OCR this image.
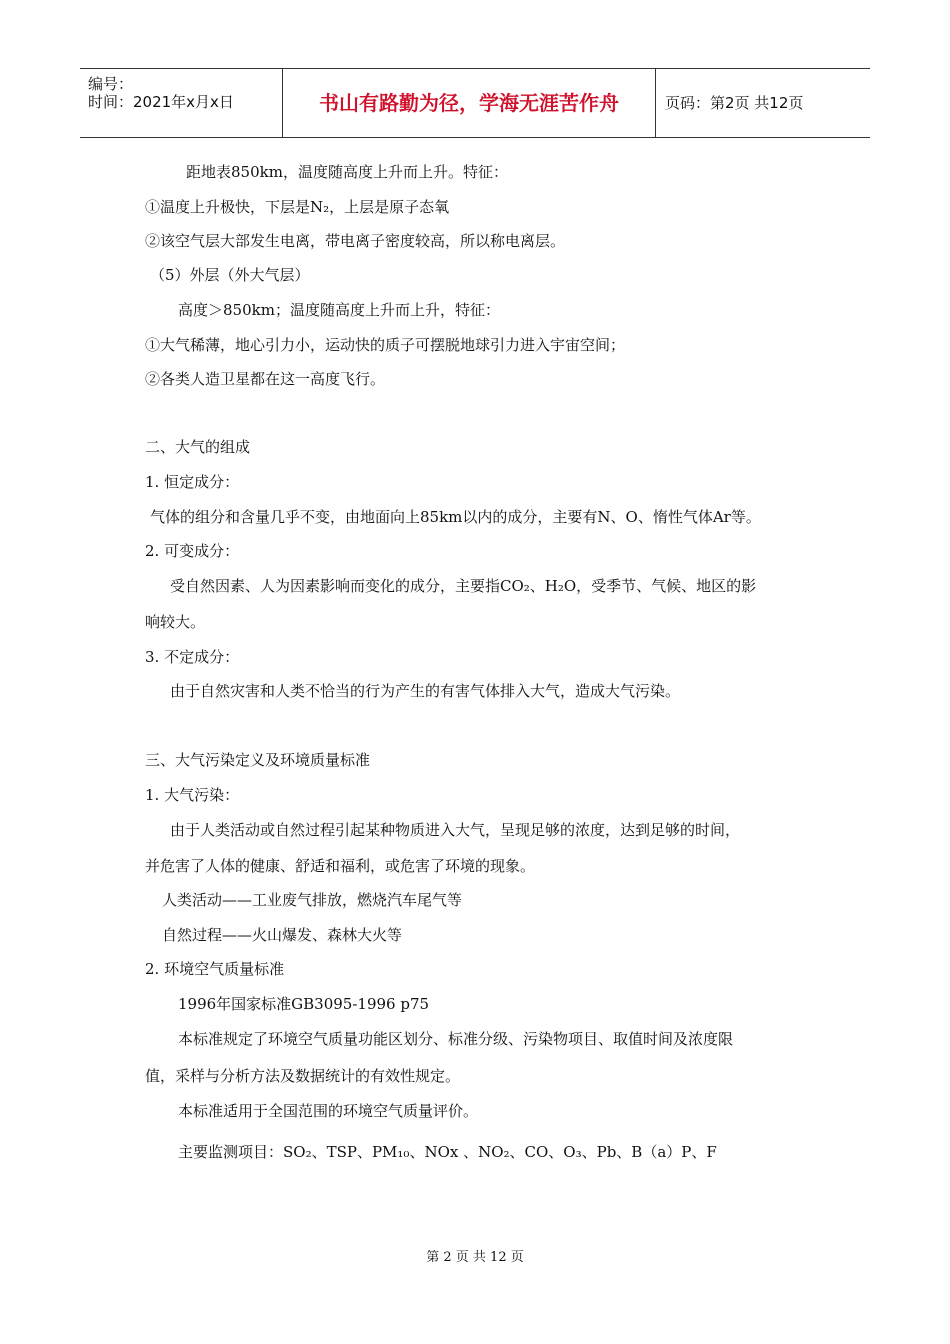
编号：
时间：2021年x月x日	书山有路勤为径，学海无涯苦作舟	页码：第2页 共12页
距地表850km，温度随高度上升而上升。特征：
①温度上升极快，下层是N₂，上层是原子态氧
②该空气层大部发生电离，带电离子密度较高，所以称电离层。
（5）外层（外大气层）
高度＞850km；温度随高度上升而上升，特征：
①大气稀薄，地心引力小，运动快的质子可摆脱地球引力进入宇宙空间；
②各类人造卫星都在这一高度飞行。
二、大气的组成
1. 恒定成分：
气体的组分和含量几乎不变，由地面向上85km以内的成分，主要有N、O、惰性气体Ar等。
2. 可变成分：
受自然因素、人为因素影响而变化的成分，主要指CO₂、H₂O，受季节、气候、地区的影
响较大。
3. 不定成分：
由于自然灾害和人类不恰当的行为产生的有害气体排入大气，造成大气污染。
三、大气污染定义及环境质量标准
1. 大气污染：
由于人类活动或自然过程引起某种物质进入大气，呈现足够的浓度，达到足够的时间，
并危害了人体的健康、舒适和福利，或危害了环境的现象。
人类活动——工业废气排放，燃烧汽车尾气等
自然过程——火山爆发、森林大火等
2. 环境空气质量标准
1996年国家标准GB3095-1996 p75
本标准规定了环境空气质量功能区划分、标准分级、污染物项目、取值时间及浓度限
值，采样与分析方法及数据统计的有效性规定。
本标准适用于全国范围的环境空气质量评价。
主要监测项目：SO₂、TSP、PM₁₀、NOx 、NO₂、CO、O₃、Pb、B（a）P、F
第 2 页 共 12 页
